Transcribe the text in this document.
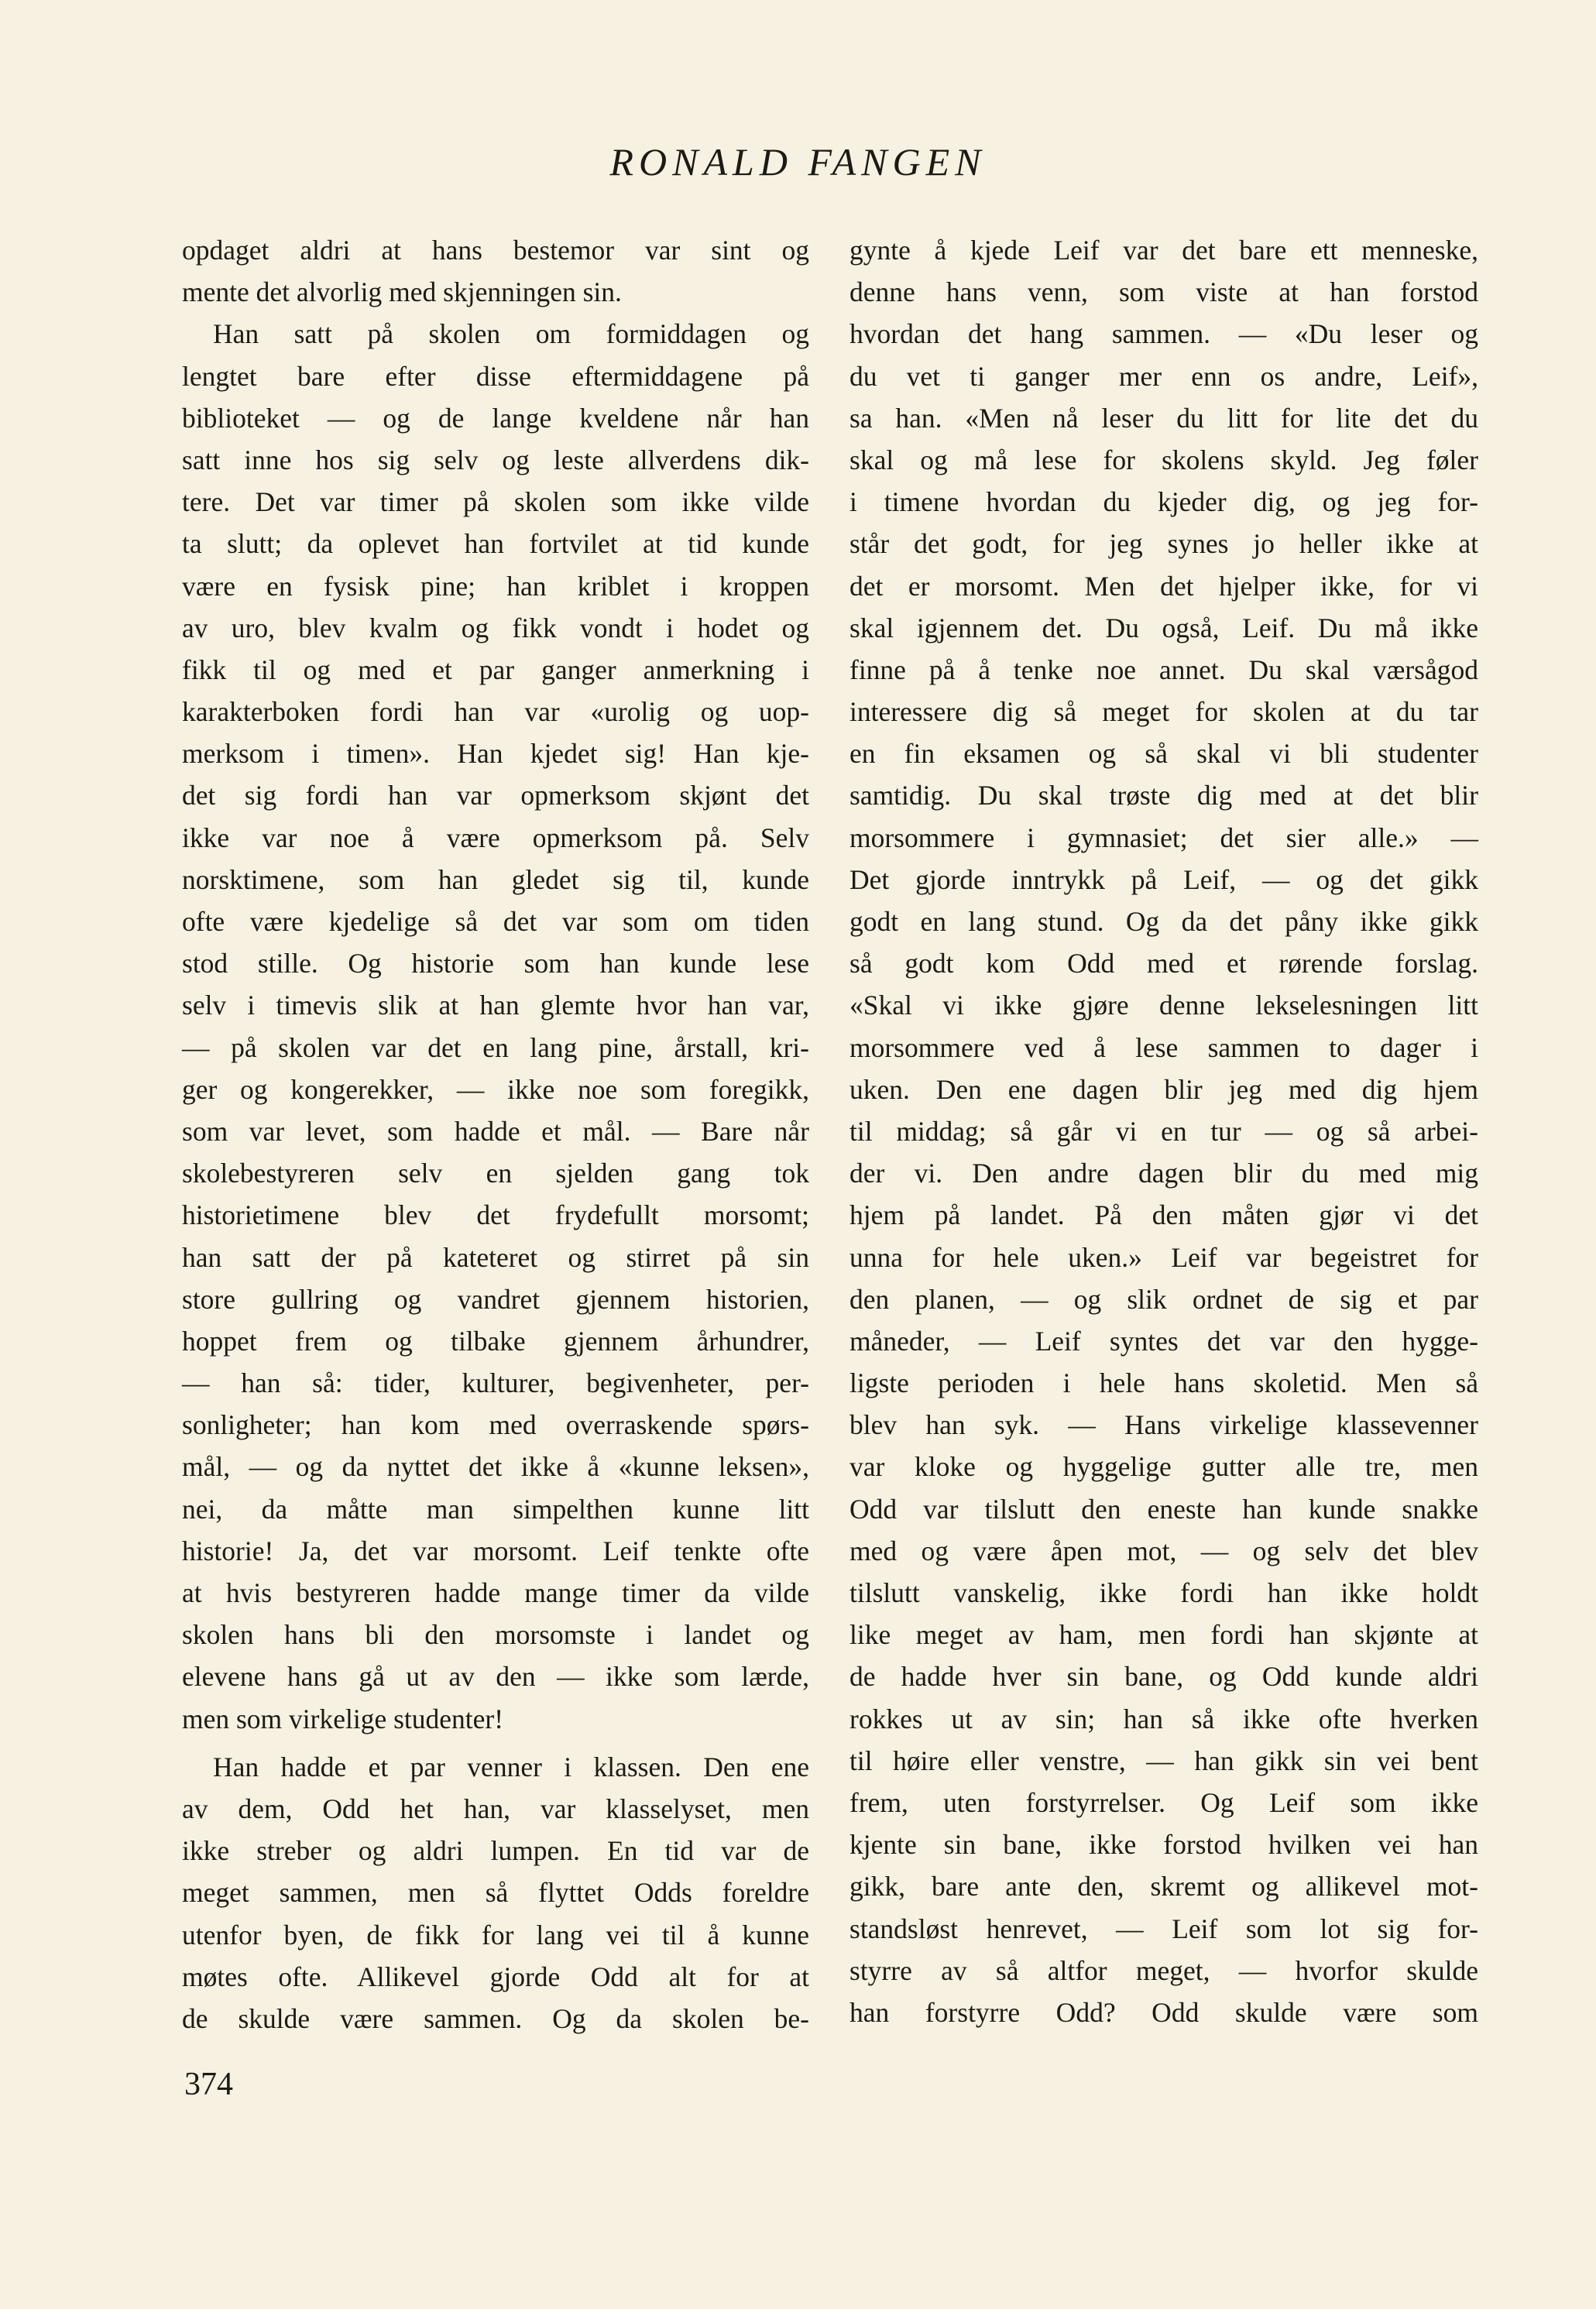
RONALD FANGEN
opdaget aldri at hans bestemor var sint og
mente det alvorlig med skjenningen sin.
Han satt på skolen om formiddagen og
lengtet bare efter disse eftermiddagene på
biblioteket — og de lange kveldene når han
satt inne hos sig selv og leste allverdens dik-
tere. Det var timer på skolen som ikke vilde
ta slutt; da oplevet han fortvilet at tid kunde
være en fysisk pine; han kriblet i kroppen
av uro, blev kvalm og fikk vondt i hodet og
fikk til og med et par ganger anmerkning i
karakterboken fordi han var «urolig og uop-
merksom i timen». Han kjedet sig! Han kje-
det sig fordi han var opmerksom skjønt det
ikke var noe å være opmerksom på. Selv
norsktimene, som han gledet sig til, kunde
ofte være kjedelige så det var som om tiden
stod stille. Og historie som han kunde lese
selv i timevis slik at han glemte hvor han var,
— på skolen var det en lang pine, årstall, kri-
ger og kongerekker, — ikke noe som foregikk,
som var levet, som hadde et mål. — Bare når
skolebestyreren selv en sjelden gang tok
historietimene blev det frydefullt morsomt;
han satt der på kateteret og stirret på sin
store gullring og vandret gjennem historien,
hoppet frem og tilbake gjennem århundrer,
— han så: tider, kulturer, begivenheter, per-
sonligheter; han kom med overraskende spørs-
mål, — og da nyttet det ikke å «kunne leksen»,
nei, da måtte man simpelthen kunne litt
historie! Ja, det var morsomt. Leif tenkte ofte
at hvis bestyreren hadde mange timer da vilde
skolen hans bli den morsomste i landet og
elevene hans gå ut av den — ikke som lærde,
men som virkelige studenter!
Han hadde et par venner i klassen. Den ene
av dem, Odd het han, var klasselyset, men
ikke streber og aldri lumpen. En tid var de
meget sammen, men så flyttet Odds foreldre
utenfor byen, de fikk for lang vei til å kunne
møtes ofte. Allikevel gjorde Odd alt for at
de skulde være sammen. Og da skolen be-
gynte å kjede Leif var det bare ett menneske,
denne hans venn, som viste at han forstod
hvordan det hang sammen. — «Du leser og
du vet ti ganger mer enn os andre, Leif»,
sa han. «Men nå leser du litt for lite det du
skal og må lese for skolens skyld. Jeg føler
i timene hvordan du kjeder dig, og jeg for-
står det godt, for jeg synes jo heller ikke at
det er morsomt. Men det hjelper ikke, for vi
skal igjennem det. Du også, Leif. Du må ikke
finne på å tenke noe annet. Du skal værsågod
interessere dig så meget for skolen at du tar
en fin eksamen og så skal vi bli studenter
samtidig. Du skal trøste dig med at det blir
morsommere i gymnasiet; det sier alle.» —
Det gjorde inntrykk på Leif, — og det gikk
godt en lang stund. Og da det påny ikke gikk
så godt kom Odd med et rørende forslag.
«Skal vi ikke gjøre denne lekselesningen litt
morsommere ved å lese sammen to dager i
uken. Den ene dagen blir jeg med dig hjem
til middag; så går vi en tur — og så arbei-
der vi. Den andre dagen blir du med mig
hjem på landet. På den måten gjør vi det
unna for hele uken.» Leif var begeistret for
den planen, — og slik ordnet de sig et par
måneder, — Leif syntes det var den hygge-
ligste perioden i hele hans skoletid. Men så
blev han syk. — Hans virkelige klassevenner
var kloke og hyggelige gutter alle tre, men
Odd var tilslutt den eneste han kunde snakke
med og være åpen mot, — og selv det blev
tilslutt vanskelig, ikke fordi han ikke holdt
like meget av ham, men fordi han skjønte at
de hadde hver sin bane, og Odd kunde aldri
rokkes ut av sin; han så ikke ofte hverken
til høire eller venstre, — han gikk sin vei bent
frem, uten forstyrrelser. Og Leif som ikke
kjente sin bane, ikke forstod hvilken vei han
gikk, bare ante den, skremt og allikevel mot-
standsløst henrevet, — Leif som lot sig for-
styrre av så altfor meget, — hvorfor skulde
han forstyrre Odd? Odd skulde være som
374
